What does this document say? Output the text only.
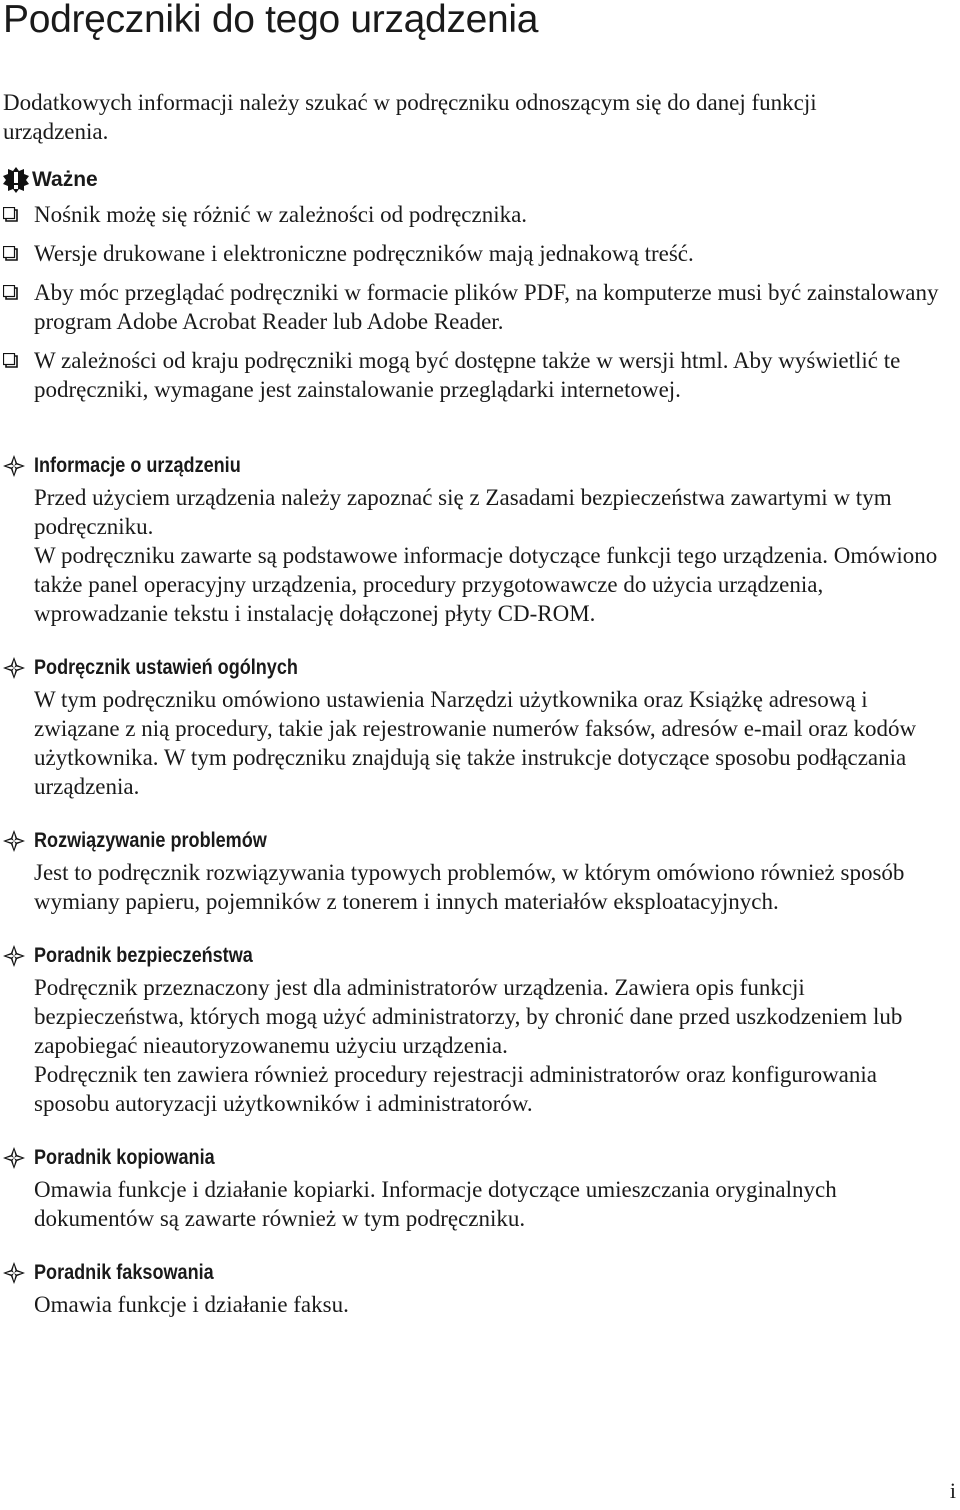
Podręczniki do tego urządzenia

Dodatkowych informacji należy szukać w podręczniku odnoszącym się do danej funkcji urządzenia.

Ważne
Nośnik możę się różnić w zależności od podręcznika.
Wersje drukowane i elektroniczne podręczników mają jednakową treść.
Aby móc przeglądać podręczniki w formacie plików PDF, na komputerze musi być zainstalowany program Adobe Acrobat Reader lub Adobe Reader.
W zależności od kraju podręczniki mogą być dostępne także w wersji html. Aby wyświetlić te podręczniki, wymagane jest zainstalowanie przeglądarki internetowej.
Informacje o urządzeniu

Przed użyciem urządzenia należy zapoznać się z Zasadami bezpieczeństwa zawartymi w tym podręczniku.

W podręczniku zawarte są podstawowe informacje dotyczące funkcji tego urządzenia. Omówiono także panel operacyjny urządzenia, procedury przygotowawcze do użycia urządzenia, wprowadzanie tekstu i instalację dołączonej płyty CD-ROM.

Podręcznik ustawień ogólnych

W tym podręczniku omówiono ustawienia Narzędzi użytkownika oraz Książkę adresową i związane z nią procedury, takie jak rejestrowanie numerów faksów, adresów e-mail oraz kodów użytkownika. W tym podręczniku znajdują się także instrukcje dotyczące sposobu podłączania urządzenia.

Rozwiązywanie problemów

Jest to podręcznik rozwiązywania typowych problemów, w którym omówiono również sposób wymiany papieru, pojemników z tonerem i innych materiałów eksploatacyjnych.

Poradnik bezpieczeństwa

Podręcznik przeznaczony jest dla administratorów urządzenia. Zawiera opis funkcji bezpieczeństwa, których mogą użyć administratorzy, by chronić dane przed uszkodzeniem lub zapobiegać nieautoryzowanemu użyciu urządzenia.

Podręcznik ten zawiera również procedury rejestracji administratorów oraz konfigurowania sposobu autoryzacji użytkowników i administratorów.

Poradnik kopiowania

Omawia funkcje i działanie kopiarki. Informacje dotyczące umieszczania oryginalnych dokumentów są zawarte również w tym podręczniku.

Poradnik faksowania

Omawia funkcje i działanie faksu.

i
